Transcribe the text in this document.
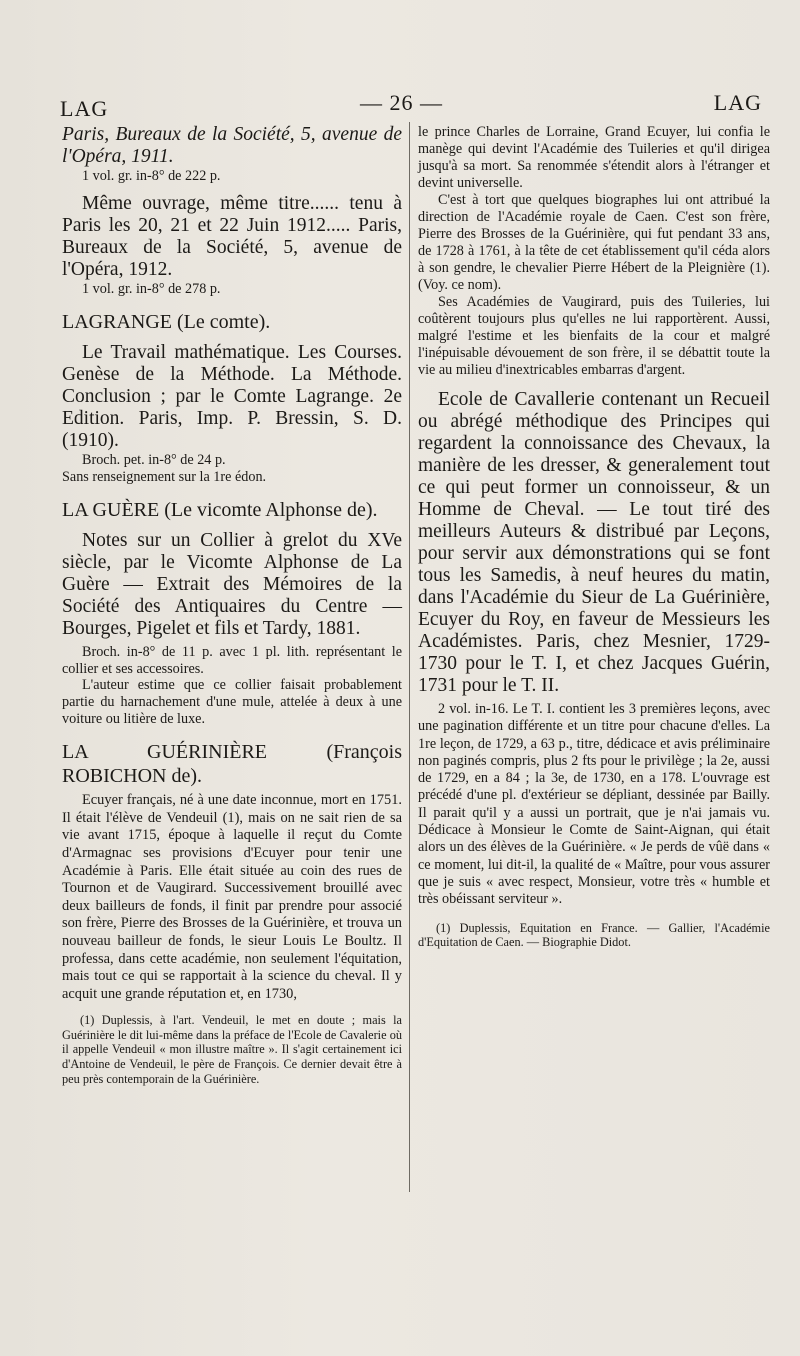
LAG	— 26 —	LAG

Paris, Bureaux de la Société, 5, avenue de l'Opéra, 1911.

1 vol. gr. in-8° de 222 p.

Même ouvrage, même titre...... tenu à Paris les 20, 21 et 22 Juin 1912..... Paris, Bureaux de la Société, 5, avenue de l'Opéra, 1912.

1 vol. gr. in-8° de 278 p.

LAGRANGE (Le comte).

Le Travail mathématique. Les Courses. Genèse de la Méthode. La Méthode. Conclusion ; par le Comte Lagrange. 2e Edition. Paris, Imp. P. Bressin, S. D. (1910).

Broch. pet. in-8° de 24 p.

Sans renseignement sur la 1re édon.

LA GUÈRE (Le vicomte Alphonse de).

Notes sur un Collier à grelot du XVe siècle, par le Vicomte Alphonse de La Guère — Extrait des Mémoires de la Société des Antiquaires du Centre — Bourges, Pigelet et fils et Tardy, 1881.

Broch. in-8° de 11 p. avec 1 pl. lith. représentant le collier et ses accessoires.

L'auteur estime que ce collier faisait probablement partie du harnachement d'une mule, attelée à deux à une voiture ou litière de luxe.

LA GUÉRINIÈRE (François ROBICHON de).

Ecuyer français, né à une date inconnue, mort en 1751. Il était l'élève de Vendeuil (1), mais on ne sait rien de sa vie avant 1715, époque à laquelle il reçut du Comte d'Armagnac ses provisions d'Ecuyer pour tenir une Académie à Paris. Elle était située au coin des rues de Tournon et de Vaugirard. Successivement brouillé avec deux bailleurs de fonds, il finit par prendre pour associé son frère, Pierre des Brosses de la Guérinière, et trouva un nouveau bailleur de fonds, le sieur Louis Le Boultz. Il professa, dans cette académie, non seulement l'équitation, mais tout ce qui se rapportait à la science du cheval. Il y acquit une grande réputation et, en 1730,

(1) Duplessis, à l'art. Vendeuil, le met en doute ; mais la Guérinière le dit lui-même dans la préface de l'Ecole de Cavalerie où il appelle Vendeuil « mon illustre maître ». Il s'agit certainement ici d'Antoine de Vendeuil, le père de François. Ce dernier devait être à peu près contemporain de la Guérinière.

le prince Charles de Lorraine, Grand Ecuyer, lui confia le manège qui devint l'Académie des Tuileries et qu'il dirigea jusqu'à sa mort. Sa renommée s'étendit alors à l'étranger et devint universelle.

C'est à tort que quelques biographes lui ont attribué la direction de l'Académie royale de Caen. C'est son frère, Pierre des Brosses de la Guérinière, qui fut pendant 33 ans, de 1728 à 1761, à la tête de cet établissement qu'il céda alors à son gendre, le chevalier Pierre Hébert de la Pleignière (1). (Voy. ce nom).

Ses Académies de Vaugirard, puis des Tuileries, lui coûtèrent toujours plus qu'elles ne lui rapportèrent. Aussi, malgré l'estime et les bienfaits de la cour et malgré l'inépuisable dévouement de son frère, il se débattit toute la vie au milieu d'inextricables embarras d'argent.

Ecole de Cavallerie contenant un Recueil ou abrégé méthodique des Principes qui regardent la connoissance des Chevaux, la manière de les dresser, & generalement tout ce qui peut former un connoisseur, & un Homme de Cheval. — Le tout tiré des meilleurs Auteurs & distribué par Leçons, pour servir aux démonstrations qui se font tous les Samedis, à neuf heures du matin, dans l'Académie du Sieur de La Guérinière, Ecuyer du Roy, en faveur de Messieurs les Académistes. Paris, chez Mesnier, 1729-1730 pour le T. I, et chez Jacques Guérin, 1731 pour le T. II.

2 vol. in-16. Le T. I. contient les 3 premières leçons, avec une pagination différente et un titre pour chacune d'elles. La 1re leçon, de 1729, a 63 p., titre, dédicace et avis préliminaire non paginés compris, plus 2 fts pour le privilège ; la 2e, aussi de 1729, en a 84 ; la 3e, de 1730, en a 178. L'ouvrage est précédé d'une pl. d'extérieur se dépliant, dessinée par Bailly. Il parait qu'il y a aussi un portrait, que je n'ai jamais vu. Dédicace à Monsieur le Comte de Saint-Aignan, qui était alors un des élèves de la Guérinière. « Je perds de vûë dans « ce moment, lui dit-il, la qualité de « Maître, pour vous assurer que je suis « avec respect, Monsieur, votre très « humble et très obéissant serviteur ».

(1) Duplessis, Equitation en France. — Gallier, l'Académie d'Equitation de Caen. — Biographie Didot.
